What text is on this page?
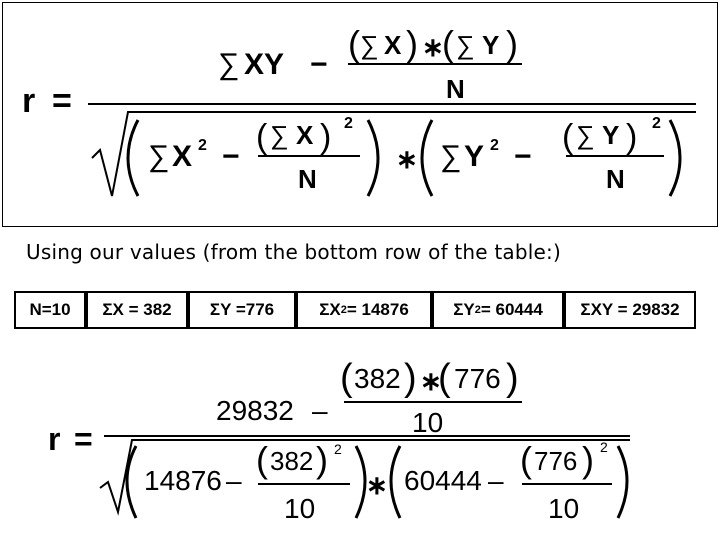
r =
∑ XY −
( ∑ X ) ∗
( ∑ Y )
N
∑ X 2 −
( ∑ X ) 2
N
∗ ∑ Y 2 −
( ∑ Y ) 2
N
r =
29832 –
( 382 ) ∗
( 776 )
10
14876 –
( 382 ) 2
10
∗ 60444 –
( 776 ) 2
10
Using our values (from the bottom row of the table:)
N=10 ΣX = 382 ΣY =776	ΣX 2 = 14876	ΣY 2 = 60444 ΣXY = 29832
